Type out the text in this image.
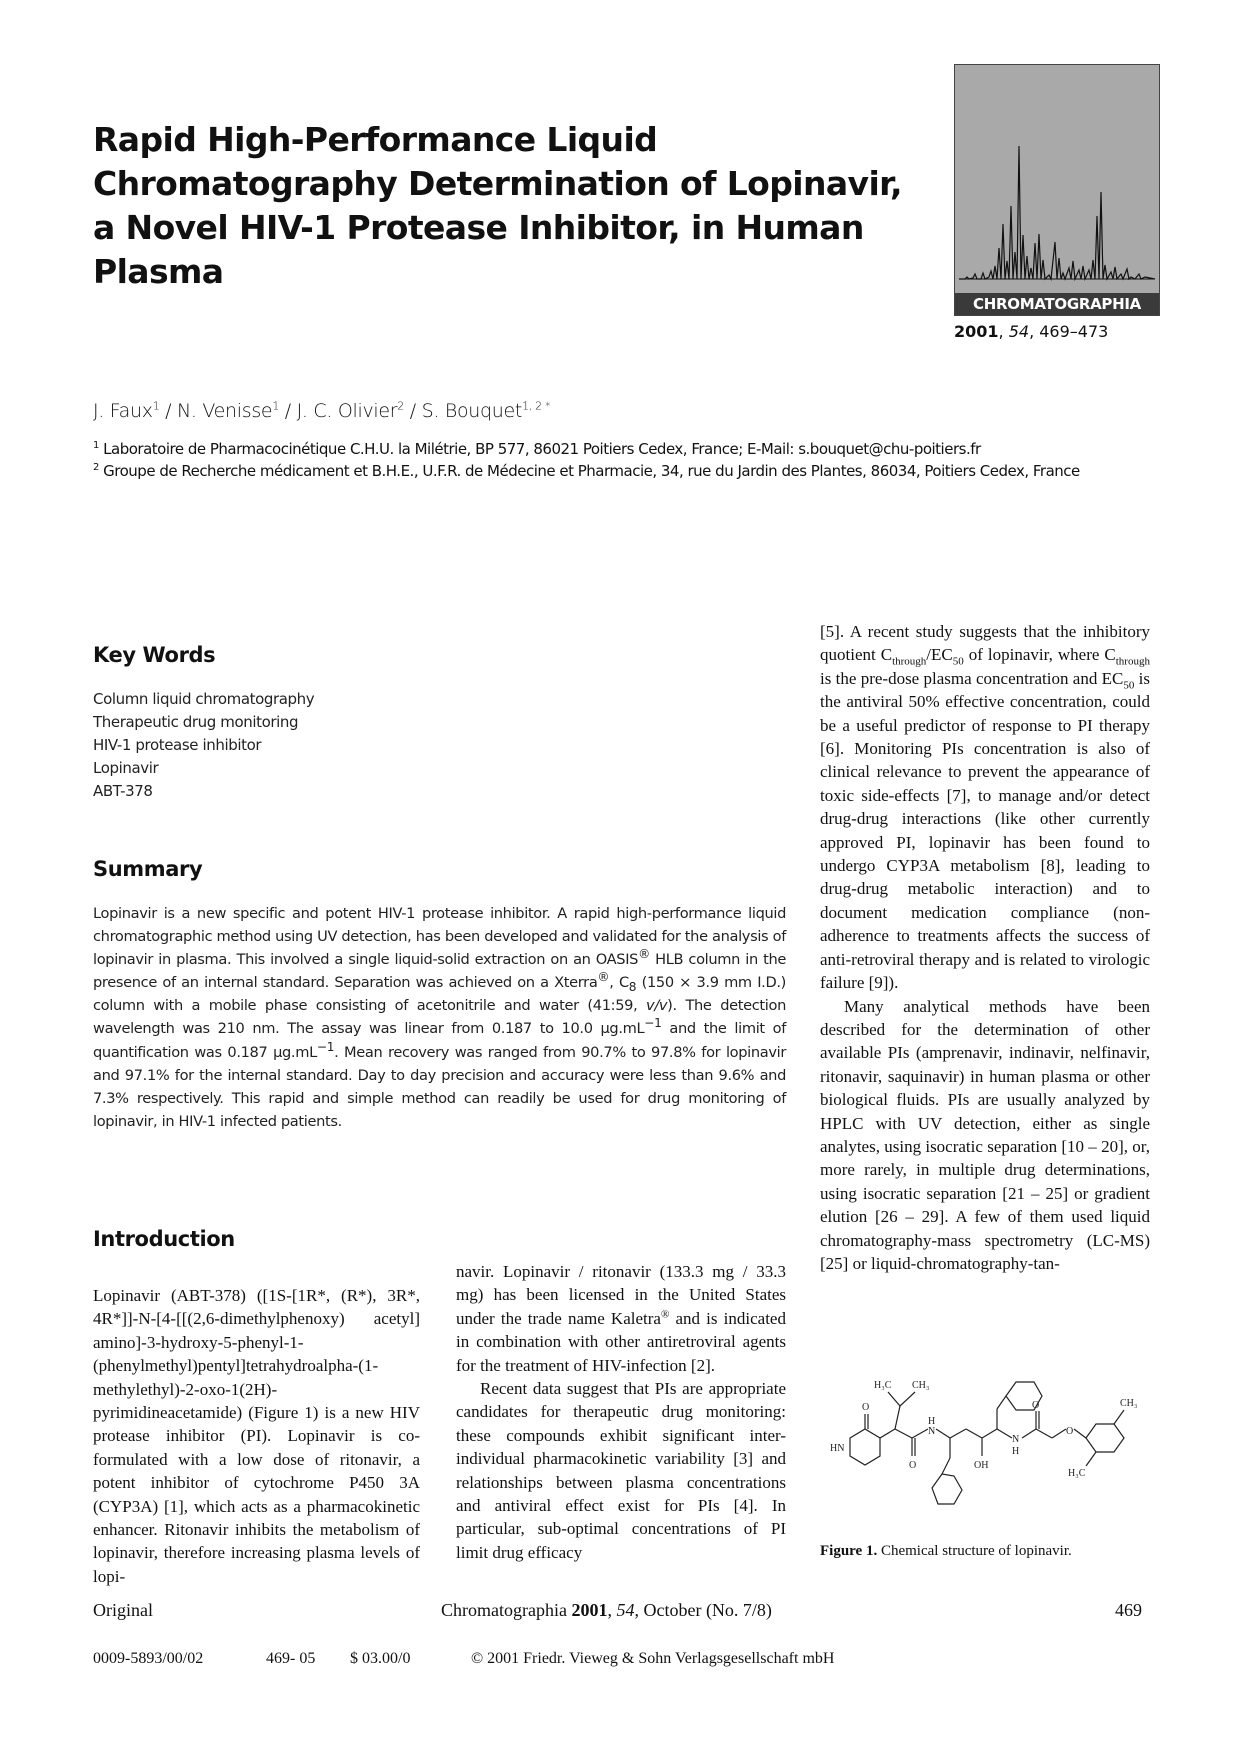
Rapid High-Performance Liquid Chromatography Determination of Lopinavir, a Novel HIV-1 Protease Inhibitor, in Human Plasma
CHROMATOGRAPHIA
2001, 54, 469–473
J. Faux$^1$ / N. Venisse$^1$ / J. C. Olivier$^2$ / S. Bouquet$^{1, 2 *}$
$^1$ Laboratoire de Pharmacocinétique C.H.U. la Milétrie, BP 577, 86021 Poitiers Cedex, France; E-Mail: s.bouquet@chu-poitiers.fr
$^2$ Groupe de Recherche médicament et B.H.E., U.F.R. de Médecine et Pharmacie, 34, rue du Jardin des Plantes, 86034, Poitiers Cedex, France
Key Words
Column liquid chromatography
Therapeutic drug monitoring
HIV-1 protease inhibitor
Lopinavir
ABT-378
Summary
Lopinavir is a new specific and potent HIV-1 protease inhibitor. A rapid high-performance liquid chromatographic method using UV detection, has been developed and validated for the analysis of lopinavir in plasma. This involved a single liquid-solid extraction on an OASIS® HLB column in the presence of an internal standard. Separation was achieved on a Xterra®, $C_8$ (150 × 3.9 mm I.D.) column with a mobile phase consisting of acetonitrile and water (41:59, v/v). The detection wavelength was 210 nm. The assay was linear from 0.187 to 10.0 $\mu g.mL^{-1}$ and the limit of quantification was 0.187 $\mu g.mL^{-1}$. Mean recovery was ranged from 90.7% to 97.8% for lopinavir and 97.1% for the internal standard. Day to day precision and accuracy were less than 9.6% and 7.3% respectively. This rapid and simple method can readily be used for drug monitoring of lopinavir, in HIV-1 infected patients.
Introduction

Lopinavir (ABT-378) ([1S-[1R*, (R*), 3R*, 4R*]]-N-[4-[[(2,6-dimethylphenoxy) acetyl] amino]-3-hydroxy-5-phenyl-1-(phenylmethyl)pentyl]tetrahydroalpha-(1-methylethyl)-2-oxo-1(2H)-pyrimidineacetamide) (Figure 1) is a new HIV protease inhibitor (PI). Lopinavir is co-formulated with a low dose of ritonavir, a potent inhibitor of cytochrome P450 3A (CYP3A) [1], which acts as a pharmacokinetic enhancer. Ritonavir inhibits the metabolism of lopinavir, therefore increasing plasma levels of lopi-

navir. Lopinavir / ritonavir (133.3 mg / 33.3 mg) has been licensed in the United States under the trade name Kaletra® and is indicated in combination with other antiretroviral agents for the treatment of HIV-infection [2].

Recent data suggest that PIs are appropriate candidates for therapeutic drug monitoring: these compounds exhibit significant inter-individual pharmacokinetic variability [3] and relationships between plasma concentrations and antiviral effect exist for PIs [4]. In particular, sub-optimal concentrations of PI limit drug efficacy

[5]. A recent study suggests that the inhibitory quotient $C_{through}/EC_{50}$ of lopinavir, where $C_{through}$ is the pre-dose plasma concentration and $EC_{50}$ is the antiviral 50% effective concentration, could be a useful predictor of response to PI therapy [6]. Monitoring PIs concentration is also of clinical relevance to prevent the appearance of toxic side-effects [7], to manage and/or detect drug-drug interactions (like other currently approved PI, lopinavir has been found to undergo CYP3A metabolism [8], leading to drug-drug metabolic interaction) and to document medication compliance (non-adherence to treatments affects the success of anti-retroviral therapy and is related to virologic failure [9]).

Many analytical methods have been described for the determination of other available PIs (amprenavir, indinavir, nelfinavir, ritonavir, saquinavir) in human plasma or other biological fluids. PIs are usually analyzed by HPLC with UV detection, either as single analytes, using isocratic separation [10 – 20], or, more rarely, in multiple drug determinations, using isocratic separation [21 – 25] or gradient elution [26 – 29]. A few of them used liquid chromatography-mass spectrometry (LC-MS) [25] or liquid-chromatography-tan-

H₃C CH₃
HN
O
O
N
H
OH
N
H
O
O
CH₃
H₃C
Figure 1. Chemical structure of lopinavir.
Original	Chromatographia 2001, 54, October (No. 7/8)	469
0009-5893/00/02	469- 05 $ 03.00/0	© 2001 Friedr. Vieweg & Sohn Verlagsgesellschaft mbH
